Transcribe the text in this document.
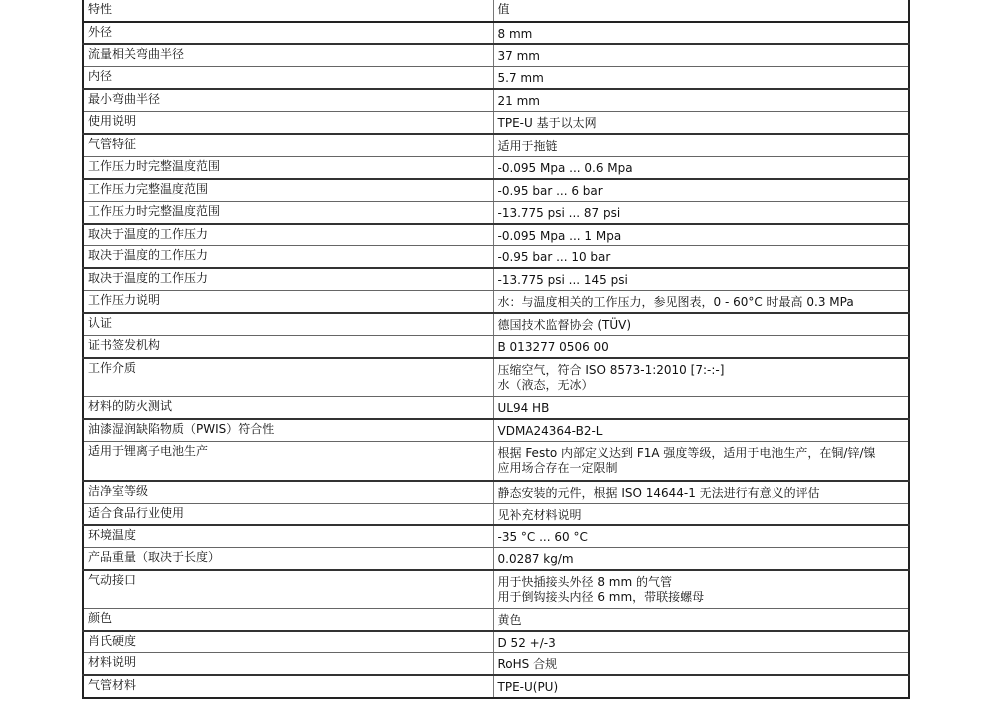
特性	值
外径	8 mm
流量相关弯曲半径	37 mm
内径	5.7 mm
最小弯曲半径	21 mm
使用说明	TPE-U 基于以太网
气管特征	适用于拖链
工作压力时完整温度范围	-0.095 Mpa ... 0.6 Mpa
工作压力完整温度范围	-0.95 bar ... 6 bar
工作压力时完整温度范围	-13.775 psi ... 87 psi
取决于温度的工作压力	-0.095 Mpa ... 1 Mpa
取决于温度的工作压力	-0.95 bar ... 10 bar
取决于温度的工作压力	-13.775 psi ... 145 psi
工作压力说明	水：与温度相关的工作压力，参见图表，0 - 60°C 时最高 0.3 MPa
认证	德国技术监督协会 (TÜV)
证书签发机构	B 013277 0506 00
工作介质	压缩空气，符合 ISO 8573-1:2010 [7:-:-]
水（液态，无冰）
材料的防火测试	UL94 HB
油漆湿润缺陷物质（PWIS）符合性	VDMA24364-B2-L
适用于锂离子电池生产	根据 Festo 内部定义达到 F1A 强度等级，适用于电池生产，在铜/锌/镍
应用场合存在一定限制
洁净室等级	静态安装的元件，根据 ISO 14644-1 无法进行有意义的评估
适合食品行业使用	见补充材料说明
环境温度	-35 °C ... 60 °C
产品重量（取决于长度）	0.0287 kg/m
气动接口	用于快插接头外径 8 mm 的气管
用于倒钩接头内径 6 mm，带联接螺母
颜色	黄色
肖氏硬度	D 52 +/-3
材料说明	RoHS 合规
气管材料	TPE-U(PU)
